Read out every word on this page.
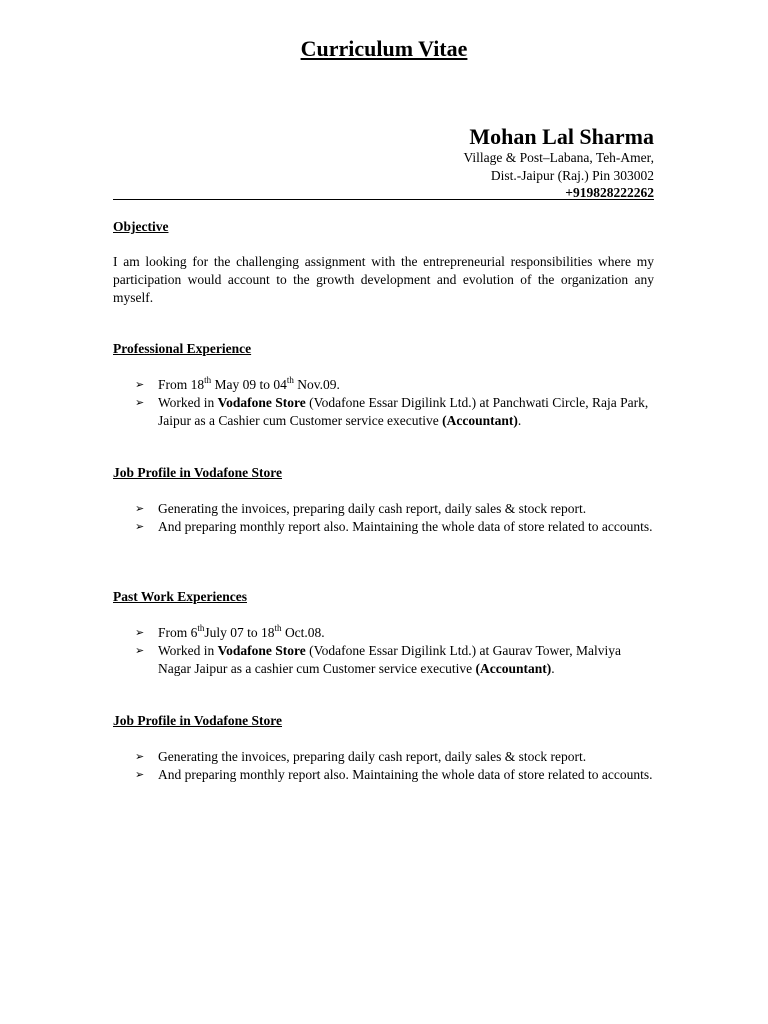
Curriculum Vitae
Mohan Lal Sharma
Village & Post–Labana, Teh-Amer,
Dist.-Jaipur (Raj.) Pin 303002
+919828222262
Objective
I am looking for the challenging assignment with the entrepreneurial responsibilities where my participation would account to the growth development and evolution of the organization any myself.
Professional Experience
➢ From 18th May 09 to 04th Nov.09.
➢ Worked in Vodafone Store (Vodafone Essar Digilink Ltd.) at Panchwati Circle, Raja Park, Jaipur as a Cashier cum Customer service executive (Accountant).
Job Profile in Vodafone Store
➢ Generating the invoices, preparing daily cash report, daily sales & stock report.
➢ And preparing monthly report also. Maintaining the whole data of store related to accounts.
Past Work Experiences
➢ From 6thJuly 07 to 18th Oct.08.
➢ Worked in Vodafone Store (Vodafone Essar Digilink Ltd.) at Gaurav Tower, Malviya Nagar Jaipur as a cashier cum Customer service executive (Accountant).
Job Profile in Vodafone Store
➢ Generating the invoices, preparing daily cash report, daily sales & stock report.
➢ And preparing monthly report also. Maintaining the whole data of store related to accounts.
